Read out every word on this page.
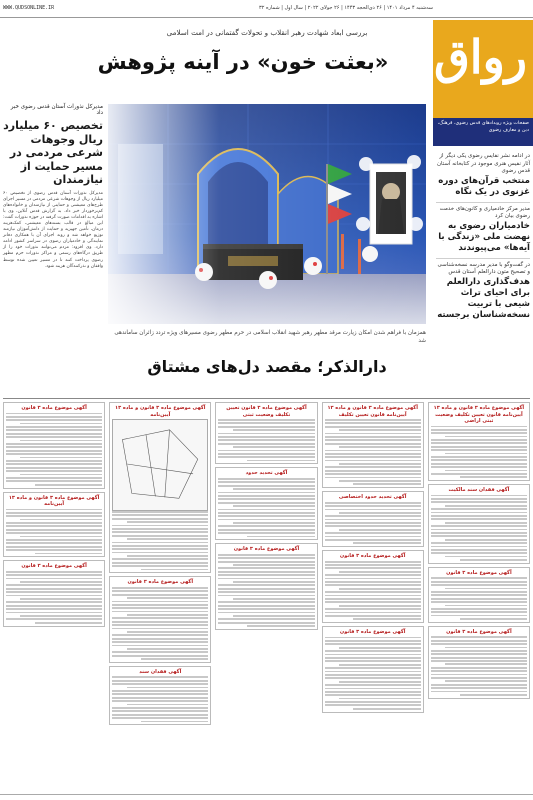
WWW.QUDSONLINE.IR	سه‌شنبه ۴ مرداد ۱۴۰۱ | ۲۶ ذی‌الحجه ۱۴۴۳ | ۲۶ جولای ۲۰۲۲ | سال اول | شماره ۳۲
رواق
صفحات ویژه رویدادهای قدس رضوی، فرهنگ، دین و معارف رضوی
بررسی ابعاد شهادت رهبر انقلاب و تحولات گفتمانی در امت اسلامی
«بعثت خون» در آینه پژوهش
مدیرکل نذورات آستان قدس رضوی خبر داد
تخصیص ۶۰ میلیارد ریال وجوهات شرعی مردمی در مسیر حمایت از نیازمندان
مدیرکل نذورات آستان قدس رضوی از تخصیص ۶۰ میلیارد ریال از وجوهات شرعی مردمی در مسیر اجرای طرح‌های معیشتی و حمایتی از نیازمندان و خانواده‌های کم‌برخوردار خبر داد. به گزارش قدس آنلاین، وی با اشاره به اقدامات صورت گرفته در حوزه نذورات گفت: این مبالغ در قالب بسته‌های معیشتی، کمک‌هزینه درمان، تأمین جهیزیه و حمایت از دانش‌آموزان نیازمند توزیع خواهد شد و روند اجرای آن با همکاری دفاتر نمایندگی و خادمیاران رضوی در سراسر کشور ادامه دارد. وی افزود: مردم می‌توانند نذورات خود را از طریق درگاه‌های رسمی و مراکز نذورات حرم مطهر رضوی پرداخت کنند تا در مسیر تعیین شده توسط واقفان و نذرکنندگان هزینه شود.
همزمان با فراهم شدن امکان زیارت مرقد مطهر رهبر شهید انقلاب اسلامی در حرم مطهر رضوی مسیرهای ویژه تردد زائران ساماندهی شد
دارالذکر؛ مقصد دل‌های مشتاق
در ادامه نشر نفایس رضوی یکی دیگر از آثار نفیس هنری موجود در کتابخانه آستان قدس رضوی
منتخب قرآن‌های دوره غزنوی در یک نگاه
مدیر مرکز خادمیاری و کانون‌های خدمت رضوی بیان کرد
خادمیاران رضوی به نهضت ملی «زندگی با آیه‌ها» می‌پیوندند
در گفت‌وگو با مدیر مدرسه نسخه‌شناسی و تصحیح متون دارالعلم آستان قدس
هدف‌گذاری دارالعلم برای احیای تراث شیعی با تربیت نسخه‌شناسان برجسته
آگهی موضوع ماده ۳ قانون و ماده ۱۳ آیین‌نامه قانون تعیین تکلیف وضعیت ثبتی اراضی
آگهی فقدان سند مالکیت
آگهی موضوع ماده ۳ قانون
آگهی موضوع ماده ۳ قانون
آگهی موضوع ماده ۳ قانون و ماده ۱۳ آیین‌نامه قانون تعیین تکلیف
آگهی تحدید حدود اختصاصی
آگهی موضوع ماده ۳ قانون
آگهی موضوع ماده ۳ قانون
آگهی موضوع ماده ۳ قانون تعیین تکلیف وضعیت ثبتی
آگهی تحدید حدود
آگهی موضوع ماده ۳ قانون
آگهی موضوع ماده ۳ قانون و ماده ۱۳ آیین‌نامه
آگهی موضوع ماده ۳ قانون
آگهی فقدان سند
آگهی موضوع ماده ۳ قانون
آگهی موضوع ماده ۳ قانون و ماده ۱۳ آیین‌نامه
آگهی موضوع ماده ۳ قانون
